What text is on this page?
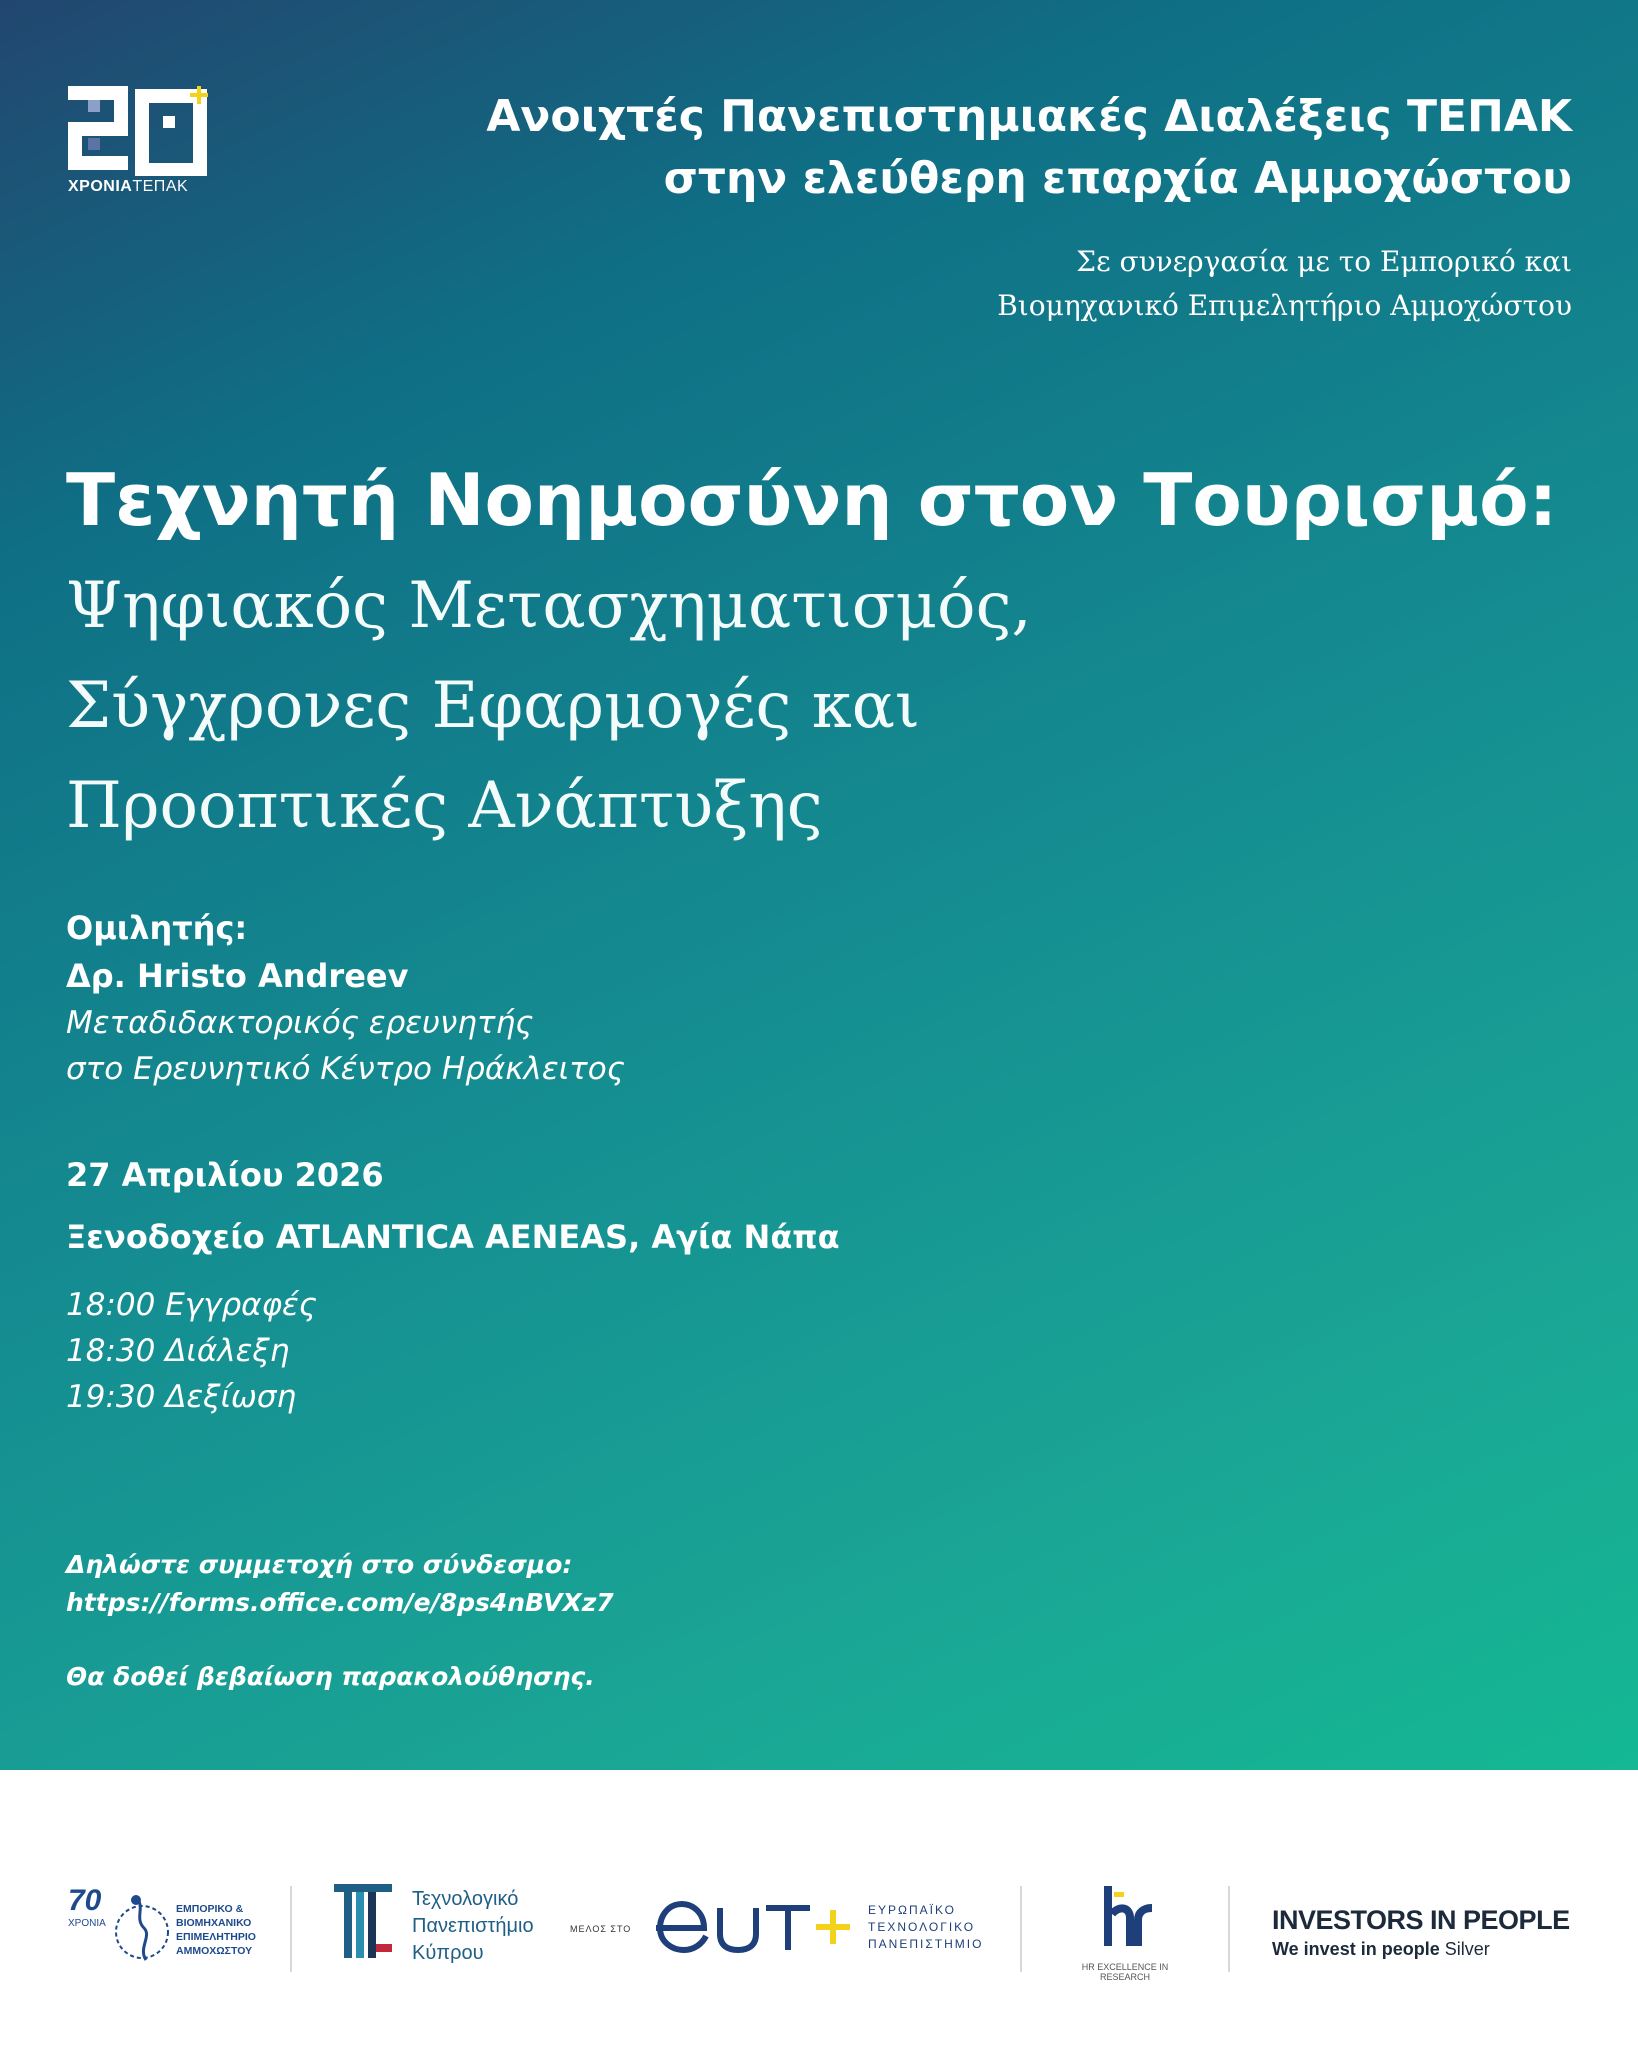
ΧΡΟΝΙΑΤΕΠΑΚ
Ανοιχτές Πανεπιστημιακές Διαλέξεις ΤΕΠΑΚ
στην ελεύθερη επαρχία Αμμοχώστου
Σε συνεργασία με το Εμπορικό και
Βιομηχανικό Επιμελητήριο Αμμοχώστου
Τεχνητή Νοημοσύνη στον Τουρισμό:
Ψηφιακός Μετασχηματισμός,
Σύγχρονες Εφαρμογές και
Προοπτικές Ανάπτυξης
Ομιλητής:
Δρ. Hristo Andreev
Μεταδιδακτορικός ερευνητής
στο Ερευνητικό Κέντρο Ηράκλειτος
27 Απριλίου 2026
Ξενοδοχείο ATLANTICA AENEAS, Αγία Νάπα
18:00 Εγγραφές
18:30 Διάλεξη
19:30 Δεξίωση
Δηλώστε συμμετοχή στο σύνδεσμο:
https://forms.office.com/e/8ps4nBVXz7
Θα δοθεί βεβαίωση παρακολούθησης.
70
ΧΡΟΝΙΑ
ΕΜΠΟΡΙΚΟ &
ΒΙΟΜΗΧΑΝΙΚΟ
ΕΠΙΜΕΛΗΤΗΡΙΟ
ΑΜΜΟΧΩΣΤΟΥ
Τεχνολογικό
Πανεπιστήμιο
Κύπρου
ΜΕΛΟΣ ΣΤΟ
ΕΥΡΩΠΑΪΚΟ
ΤΕΧΝΟΛΟΓΙΚΟ
ΠΑΝΕΠΙΣΤΗΜΙΟ
HR EXCELLENCE IN RESEARCH
INVESTORS IN PEOPLE
We invest in people Silver
